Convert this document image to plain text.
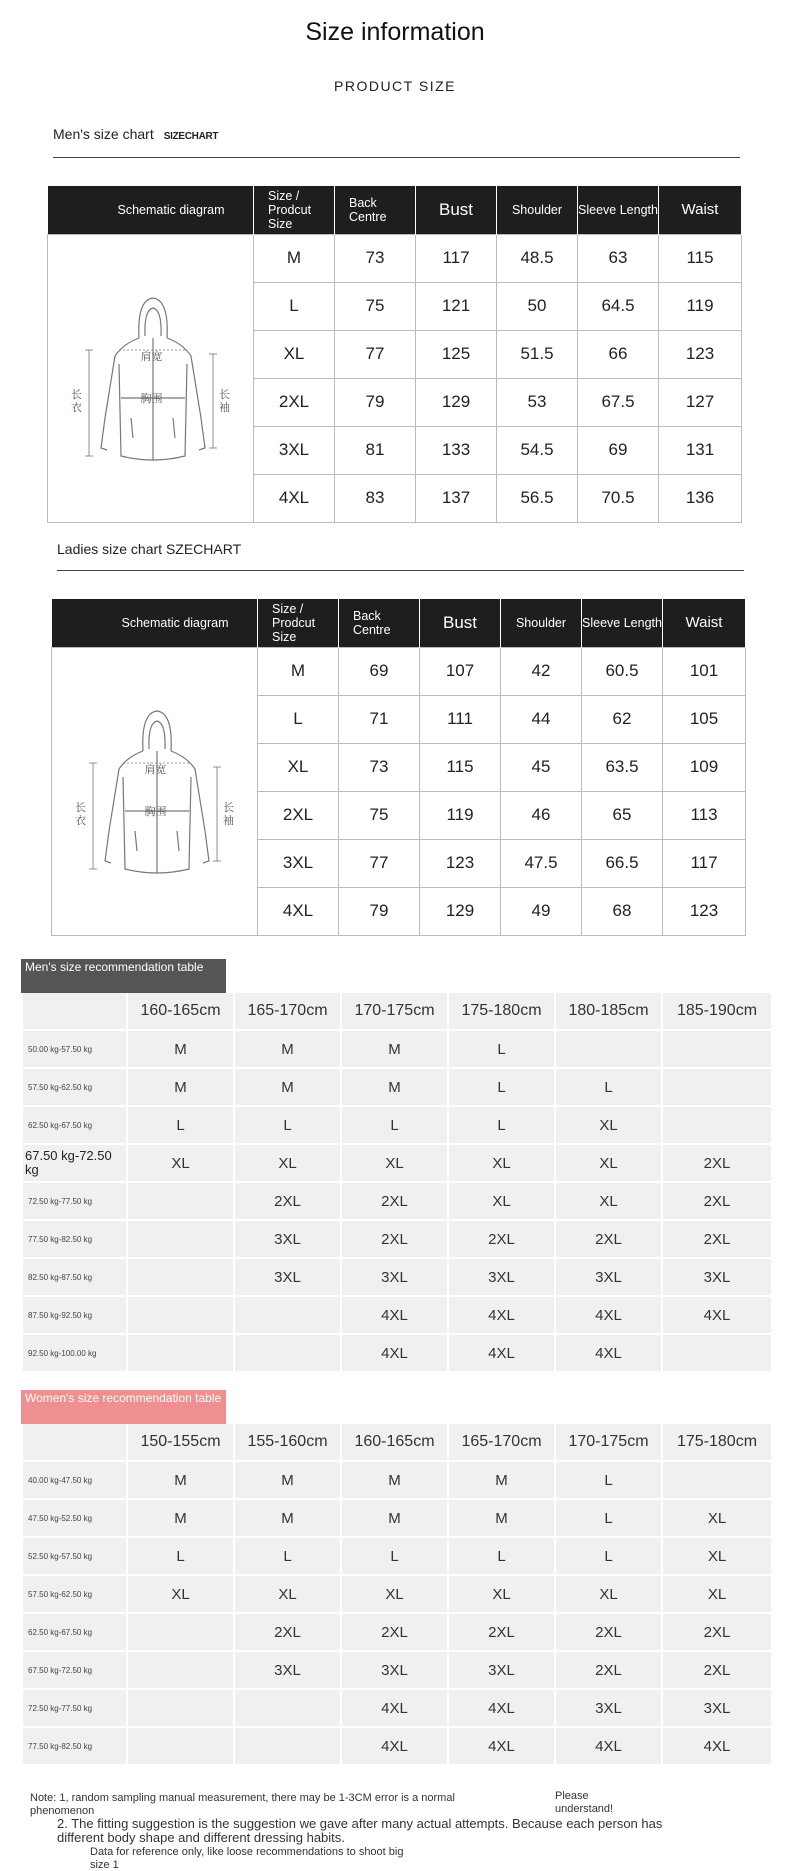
Size information
PRODUCT SIZE
Men's size chart SIZECHART
Schematic diagram	Size / Prodcut Size	Back Centre	Bust	Shoulder	Sleeve Length	Waist

肩宽
胸围
长 衣
长 袖	M	73	117	48.5	63	115
	L	75	121	50	64.5	119
	XL	77	125	51.5	66	123
	2XL	79	129	53	67.5	127
	3XL	81	133	54.5	69	131
	4XL	83	137	56.5	70.5	136
Ladies size chart SZECHART
Schematic diagram	Size / Prodcut Size	Back Centre	Bust	Shoulder	Sleeve Length	Waist

肩宽
胸围
长 衣
长 袖	M	69	107	42	60.5	101
	L	71	111	44	62	105
	XL	73	115	45	63.5	109
	2XL	75	119	46	65	113
	3XL	77	123	47.5	66.5	117
	4XL	79	129	49	68	123
Men's size recommendation table
	160-165cm	165-170cm	170-175cm	175-180cm	180-185cm	185-190cm
50.00 kg-57.50 kg	M	M	M	L		
57.50 kg-62.50 kg	M	M	M	L	L	
62.50 kg-67.50 kg	L	L	L	L	XL	
67.50 kg-72.50 kg	XL	XL	XL	XL	XL	2XL
72.50 kg-77.50 kg		2XL	2XL	XL	XL	2XL
77.50 kg-82.50 kg		3XL	2XL	2XL	2XL	2XL
82.50 kg-87.50 kg		3XL	3XL	3XL	3XL	3XL
87.50 kg-92.50 kg			4XL	4XL	4XL	4XL
92.50 kg-100.00 kg			4XL	4XL	4XL	
Women's size recommendation table
	150-155cm	155-160cm	160-165cm	165-170cm	170-175cm	175-180cm
40.00 kg-47.50 kg	M	M	M	M	L	
47.50 kg-52.50 kg	M	M	M	M	L	XL
52.50 kg-57.50 kg	L	L	L	L	L	XL
57.50 kg-62.50 kg	XL	XL	XL	XL	XL	XL
62.50 kg-67.50 kg		2XL	2XL	2XL	2XL	2XL
67.50 kg-72.50 kg		3XL	3XL	3XL	2XL	2XL
72.50 kg-77.50 kg			4XL	4XL	3XL	3XL
77.50 kg-82.50 kg			4XL	4XL	4XL	4XL
Note: 1, random sampling manual measurement, there may be 1-3CM error is a normal
phenomenon
Please
understand!
2. The fitting suggestion is the suggestion we gave after many actual attempts. Because each person has
different body shape and different dressing habits.
Data for reference only, like loose recommendations to shoot big
size 1
